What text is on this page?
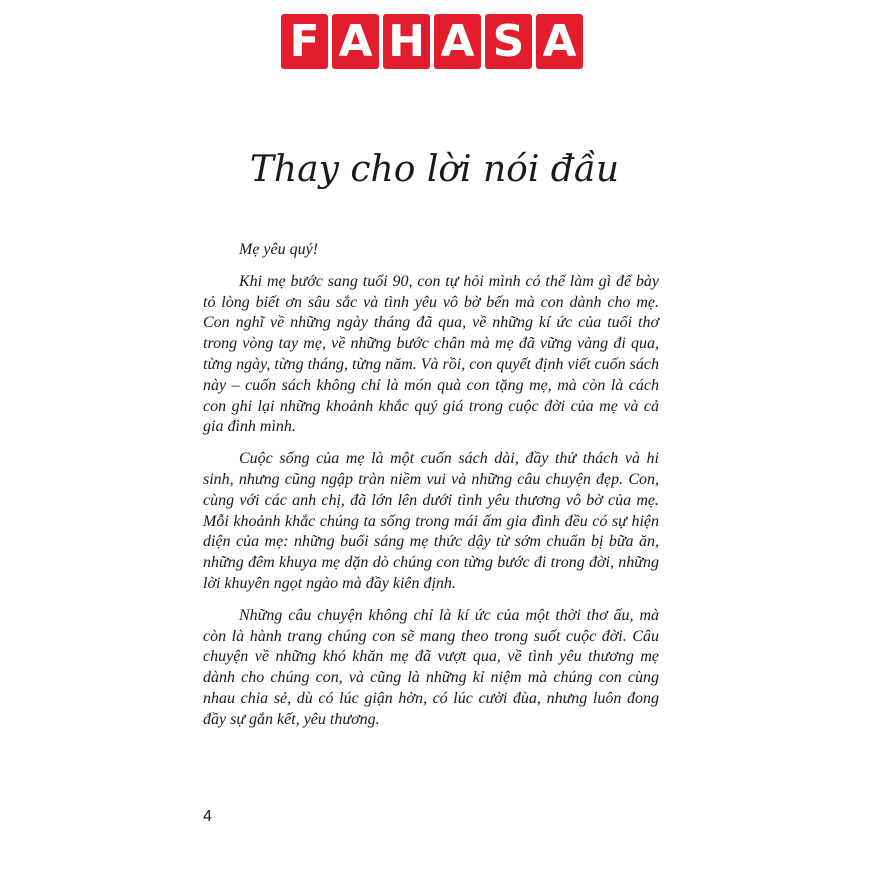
F A H A S A
Thay cho lời nói đầu

Mẹ yêu quý!

Khi mẹ bước sang tuổi 90, con tự hỏi mình có thể làm gì để bày tỏ lòng biết ơn sâu sắc và tình yêu vô bờ bến mà con dành cho mẹ. Con nghĩ về những ngày tháng đã qua, về những kí ức của tuổi thơ trong vòng tay mẹ, về những bước chân mà mẹ đã vững vàng đi qua, từng ngày, từng tháng, từng năm. Và rồi, con quyết định viết cuốn sách này – cuốn sách không chỉ là món quà con tặng mẹ, mà còn là cách con ghi lại những khoảnh khắc quý giá trong cuộc đời của mẹ và cả gia đình mình.

Cuộc sống của mẹ là một cuốn sách dài, đầy thử thách và hi sinh, nhưng cũng ngập tràn niềm vui và những câu chuyện đẹp. Con, cùng với các anh chị, đã lớn lên dưới tình yêu thương vô bờ của mẹ. Mỗi khoảnh khắc chúng ta sống trong mái ấm gia đình đều có sự hiện diện của mẹ: những buổi sáng mẹ thức dậy từ sớm chuẩn bị bữa ăn, những đêm khuya mẹ dặn dò chúng con từng bước đi trong đời, những lời khuyên ngọt ngào mà đầy kiên định.

Những câu chuyện không chỉ là kí ức của một thời thơ ấu, mà còn là hành trang chúng con sẽ mang theo trong suốt cuộc đời. Câu chuyện về những khó khăn mẹ đã vượt qua, về tình yêu thương mẹ dành cho chúng con, và cũng là những kỉ niệm mà chúng con cùng nhau chia sẻ, dù có lúc giận hờn, có lúc cười đùa, nhưng luôn đong đầy sự gắn kết, yêu thương.

4
